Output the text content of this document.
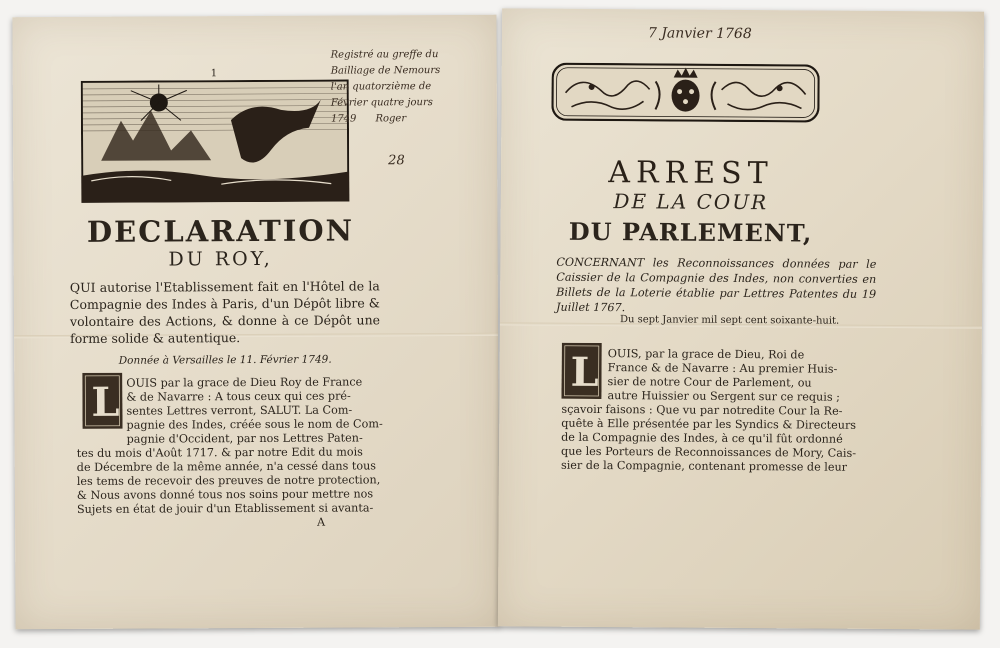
1
Registré au greffe du
Bailliage de Nemours
l'an quatorzième de
Février quatre jours
1749 Roger
28
DECLARATION
DU ROY,
QUI autorise l'Etablissement fait en l'Hôtel de la Compagnie des Indes à Paris, d'un Dépôt libre & volontaire des Actions, & donne à ce Dépôt une forme solide & autentique.
Donnée à Versailles le 11. Février 1749.
L OUIS par la grace de Dieu Roy de France
& de Navarre : A tous ceux qui ces pré-
sentes Lettres verront, SALUT. La Com-
pagnie des Indes, créée sous le nom de Com-
pagnie d'Occident, par nos Lettres Paten-
tes du mois d'Août 1717. & par notre Edit du mois
de Décembre de la même année, n'a cessé dans tous
les tems de recevoir des preuves de notre protection,
& Nous avons donné tous nos soins pour mettre nos
Sujets en état de jouir d'un Etablissement si avanta-
A
7 Janvier 1768
ARREST
DE LA COUR
DU PARLEMENT,
CONCERNANT les Reconnoissances données par le Caissier de la Compagnie des Indes, non converties en Billets de la Loterie établie par Lettres Patentes du 19 Juillet 1767.
Du sept Janvier mil sept cent soixante-huit.
L OUIS, par la grace de Dieu, Roi de
France & de Navarre : Au premier Huis-
sier de notre Cour de Parlement, ou
autre Huissier ou Sergent sur ce requis ;
sçavoir faisons : Que vu par notredite Cour la Re-
quête à Elle présentée par les Syndics & Directeurs
de la Compagnie des Indes, à ce qu'il fût ordonné
que les Porteurs de Reconnoissances de Mory, Cais-
sier de la Compagnie, contenant promesse de leur
